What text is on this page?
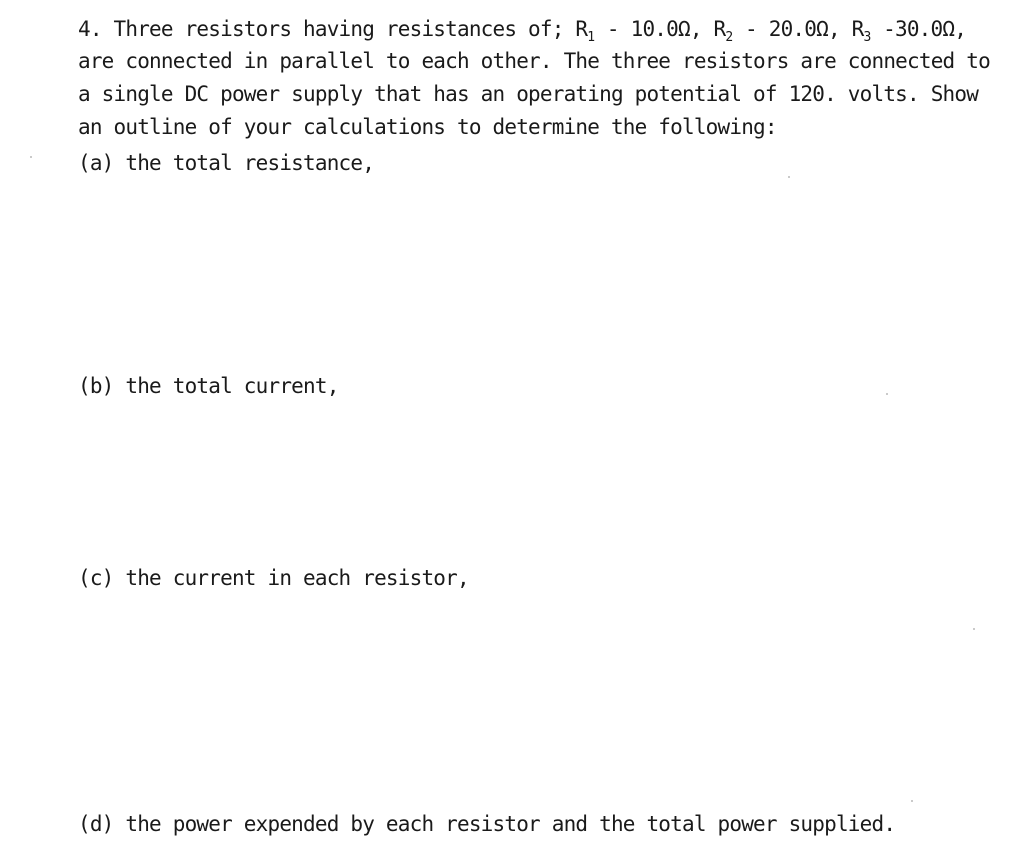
4. Three resistors having resistances of; $R_1 - 10.0\Omega$, $R_2 - 20.0\Omega$, $R_3$ -30.0Ω,
are connected in parallel to each other. The three resistors are connected to
a single DC power supply that has an operating potential of 120. volts. Show
an outline of your calculations to determine the following:
(a) the total resistance,
(b) the total current,
(c) the current in each resistor,
(d) the power expended by each resistor and the total power supplied.
